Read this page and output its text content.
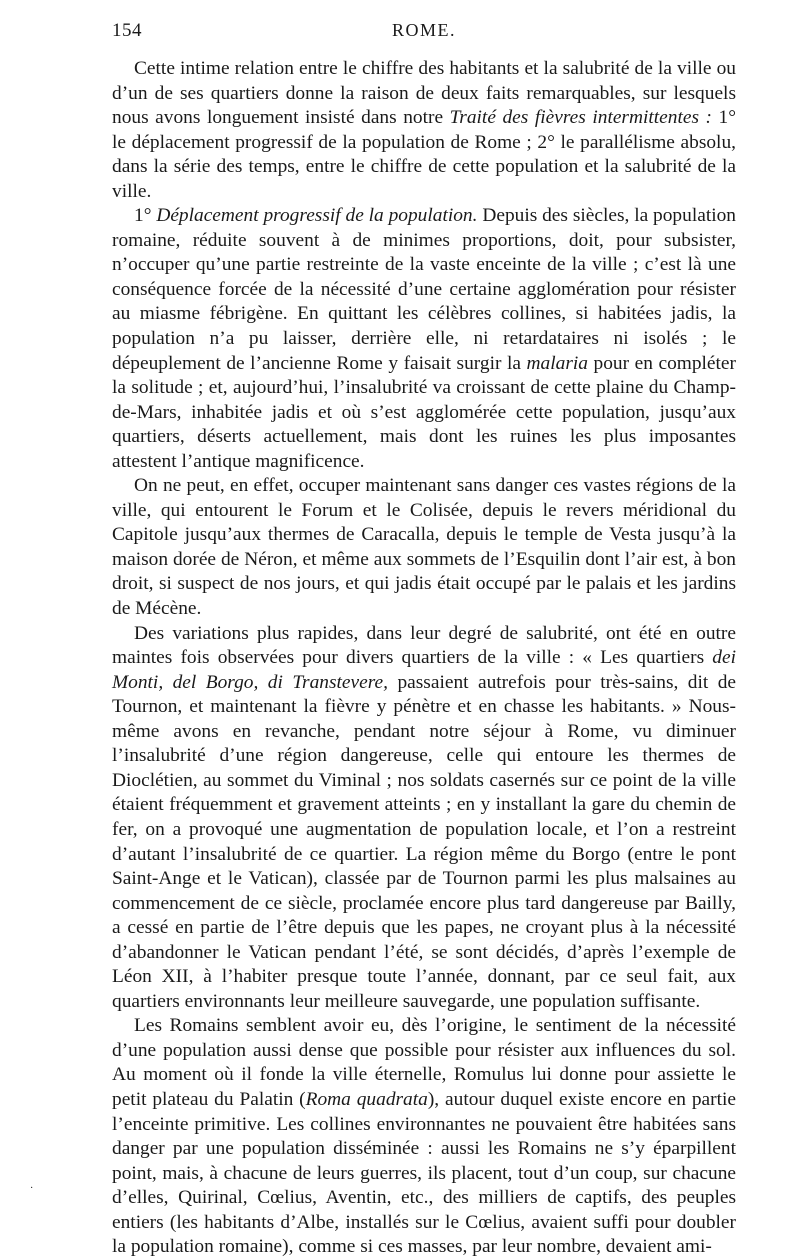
154	ROME.

Cette intime relation entre le chiffre des habitants et la salubrité de la ville ou d’un de ses quartiers donne la raison de deux faits remarquables, sur lesquels nous avons longuement insisté dans notre Traité des fièvres intermittentes : 1° le déplacement progressif de la population de Rome ; 2° le parallélisme absolu, dans la série des temps, entre le chiffre de cette population et la salubrité de la ville.

1° Déplacement progressif de la population. Depuis des siècles, la population romaine, réduite souvent à de minimes proportions, doit, pour subsister, n’occuper qu’une partie restreinte de la vaste enceinte de la ville ; c’est là une conséquence forcée de la nécessité d’une certaine agglomération pour résister au miasme fébrigène. En quittant les célèbres collines, si habitées jadis, la population n’a pu laisser, derrière elle, ni retardataires ni isolés ; le dépeuplement de l’ancienne Rome y faisait surgir la malaria pour en compléter la solitude ; et, aujourd’hui, l’insalubrité va croissant de cette plaine du Champ-de-Mars, inhabitée jadis et où s’est agglomérée cette population, jusqu’aux quartiers, déserts actuellement, mais dont les ruines les plus imposantes attestent l’antique magnificence.

On ne peut, en effet, occuper maintenant sans danger ces vastes régions de la ville, qui entourent le Forum et le Colisée, depuis le revers méridional du Capitole jusqu’aux thermes de Caracalla, depuis le temple de Vesta jusqu’à la maison dorée de Néron, et même aux sommets de l’Esquilin dont l’air est, à bon droit, si suspect de nos jours, et qui jadis était occupé par le palais et les jardins de Mécène.

Des variations plus rapides, dans leur degré de salubrité, ont été en outre maintes fois observées pour divers quartiers de la ville : « Les quartiers dei Monti, del Borgo, di Transtevere, passaient autrefois pour très-sains, dit de Tournon, et maintenant la fièvre y pénètre et en chasse les habitants. » Nous-même avons en revanche, pendant notre séjour à Rome, vu diminuer l’insalubrité d’une région dangereuse, celle qui entoure les thermes de Dioclétien, au sommet du Viminal ; nos soldats casernés sur ce point de la ville étaient fréquemment et gravement atteints ; en y installant la gare du chemin de fer, on a provoqué une augmentation de population locale, et l’on a restreint d’autant l’insalubrité de ce quartier. La région même du Borgo (entre le pont Saint-Ange et le Vatican), classée par de Tournon parmi les plus malsaines au commencement de ce siècle, proclamée encore plus tard dangereuse par Bailly, a cessé en partie de l’être depuis que les papes, ne croyant plus à la nécessité d’abandonner le Vatican pendant l’été, se sont décidés, d’après l’exemple de Léon XII, à l’habiter presque toute l’année, donnant, par ce seul fait, aux quartiers environnants leur meilleure sauvegarde, une population suffisante.

Les Romains semblent avoir eu, dès l’origine, le sentiment de la nécessité d’une population aussi dense que possible pour résister aux influences du sol. Au moment où il fonde la ville éternelle, Romulus lui donne pour assiette le petit plateau du Palatin (Roma quadrata), autour duquel existe encore en partie l’enceinte primitive. Les collines environnantes ne pouvaient être habitées sans danger par une population disséminée : aussi les Romains ne s’y éparpillent point, mais, à chacune de leurs guerres, ils placent, tout d’un coup, sur chacune d’elles, Quirinal, Cœlius, Aventin, etc., des milliers de captifs, des peuples entiers (les habitants d’Albe, installés sur le Cœlius, avaient suffi pour doubler la population romaine), comme si ces masses, par leur nombre, devaient ami-

·
